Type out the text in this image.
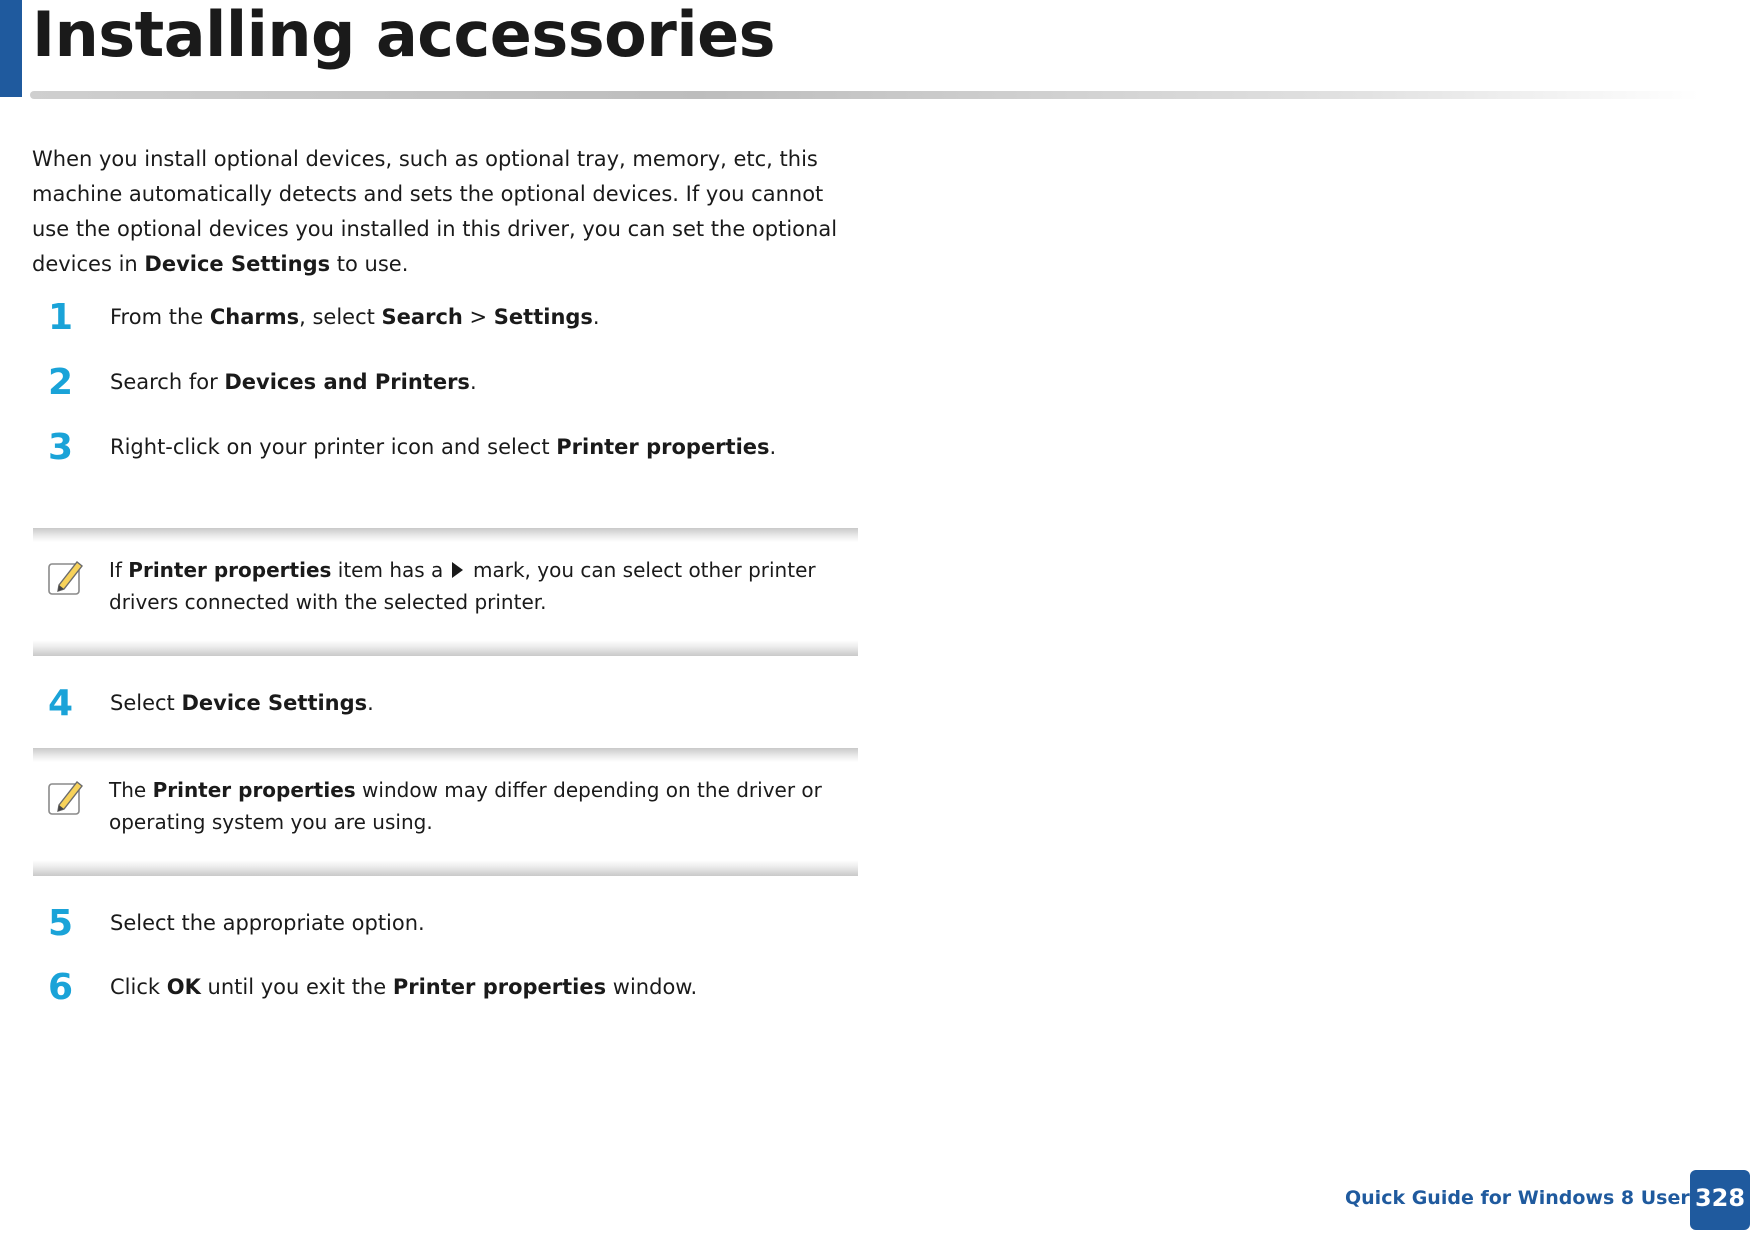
Installing accessories

When you install optional devices, such as optional tray, memory, etc, this machine automatically detects and sets the optional devices. If you cannot use the optional devices you installed in this driver, you can set the optional devices in Device Settings to use.

1	From the Charms, select Search > Settings.
2	Search for Devices and Printers.
3	Right-click on your printer icon and select Printer properties.
If Printer properties item has a  mark, you can select other printer drivers connected with the selected printer.
4	Select Device Settings.
The Printer properties window may differ depending on the driver or operating system you are using.
5	Select the appropriate option.
6	Click OK until you exit the Printer properties window.
Quick Guide for Windows 8 User 328
